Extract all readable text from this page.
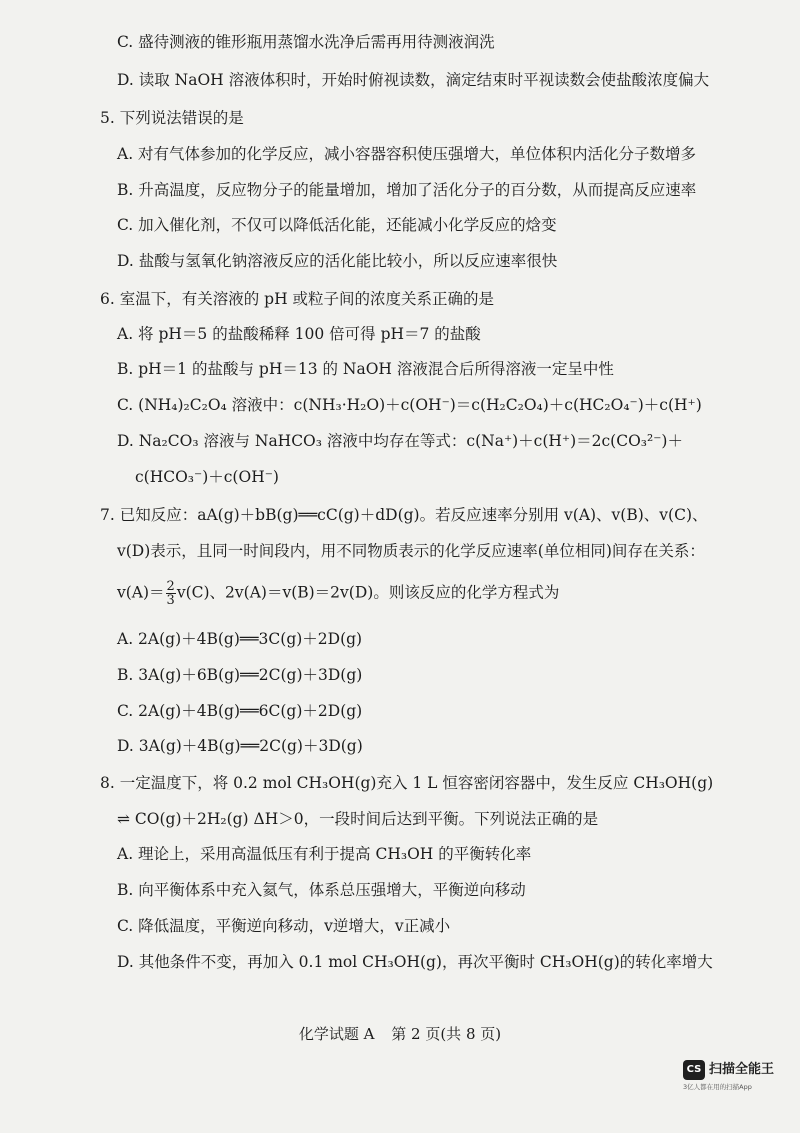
C. 盛待测液的锥形瓶用蒸馏水洗净后需再用待测液润洗
D. 读取 NaOH 溶液体积时，开始时俯视读数，滴定结束时平视读数会使盐酸浓度偏大
5. 下列说法错误的是
A. 对有气体参加的化学反应，减小容器容积使压强增大，单位体积内活化分子数增多
B. 升高温度，反应物分子的能量增加，增加了活化分子的百分数，从而提高反应速率
C. 加入催化剂，不仅可以降低活化能，还能减小化学反应的焓变
D. 盐酸与氢氧化钠溶液反应的活化能比较小，所以反应速率很快
6. 室温下，有关溶液的 pH 或粒子间的浓度关系正确的是
A. 将 pH＝5 的盐酸稀释 100 倍可得 pH＝7 的盐酸
B. pH＝1 的盐酸与 pH＝13 的 NaOH 溶液混合后所得溶液一定呈中性
C. (NH₄)₂C₂O₄ 溶液中：c(NH₃·H₂O)＋c(OH⁻)＝c(H₂C₂O₄)＋c(HC₂O₄⁻)＋c(H⁺)
D. Na₂CO₃ 溶液与 NaHCO₃ 溶液中均存在等式：c(Na⁺)＋c(H⁺)＝2c(CO₃²⁻)＋
c(HCO₃⁻)＋c(OH⁻)
7. 已知反应：aA(g)＋bB(g)══cC(g)＋dD(g)。若反应速率分别用 v(A)、v(B)、v(C)、
v(D)表示，且同一时间段内，用不同物质表示的化学反应速率(单位相同)间存在关系：
$v(A)= \frac{2}{3} v(C)$、2v(A)＝v(B)＝2v(D)。则该反应的化学方程式为
A. 2A(g)＋4B(g)══3C(g)＋2D(g)
B. 3A(g)＋6B(g)══2C(g)＋3D(g)
C. 2A(g)＋4B(g)══6C(g)＋2D(g)
D. 3A(g)＋4B(g)══2C(g)＋3D(g)
8. 一定温度下，将 0.2 mol CH₃OH(g)充入 1 L 恒容密闭容器中，发生反应 CH₃OH(g)
⇌ CO(g)＋2H₂(g) ΔH＞0，一段时间后达到平衡。下列说法正确的是
A. 理论上，采用高温低压有利于提高 CH₃OH 的平衡转化率
B. 向平衡体系中充入氦气，体系总压强增大，平衡逆向移动
C. 降低温度，平衡逆向移动，v逆增大，v正减小
D. 其他条件不变，再加入 0.1 mol CH₃OH(g)，再次平衡时 CH₃OH(g)的转化率增大
化学试题 A 第 2 页(共 8 页)
CS 扫描全能王
3亿人都在用的扫描App
